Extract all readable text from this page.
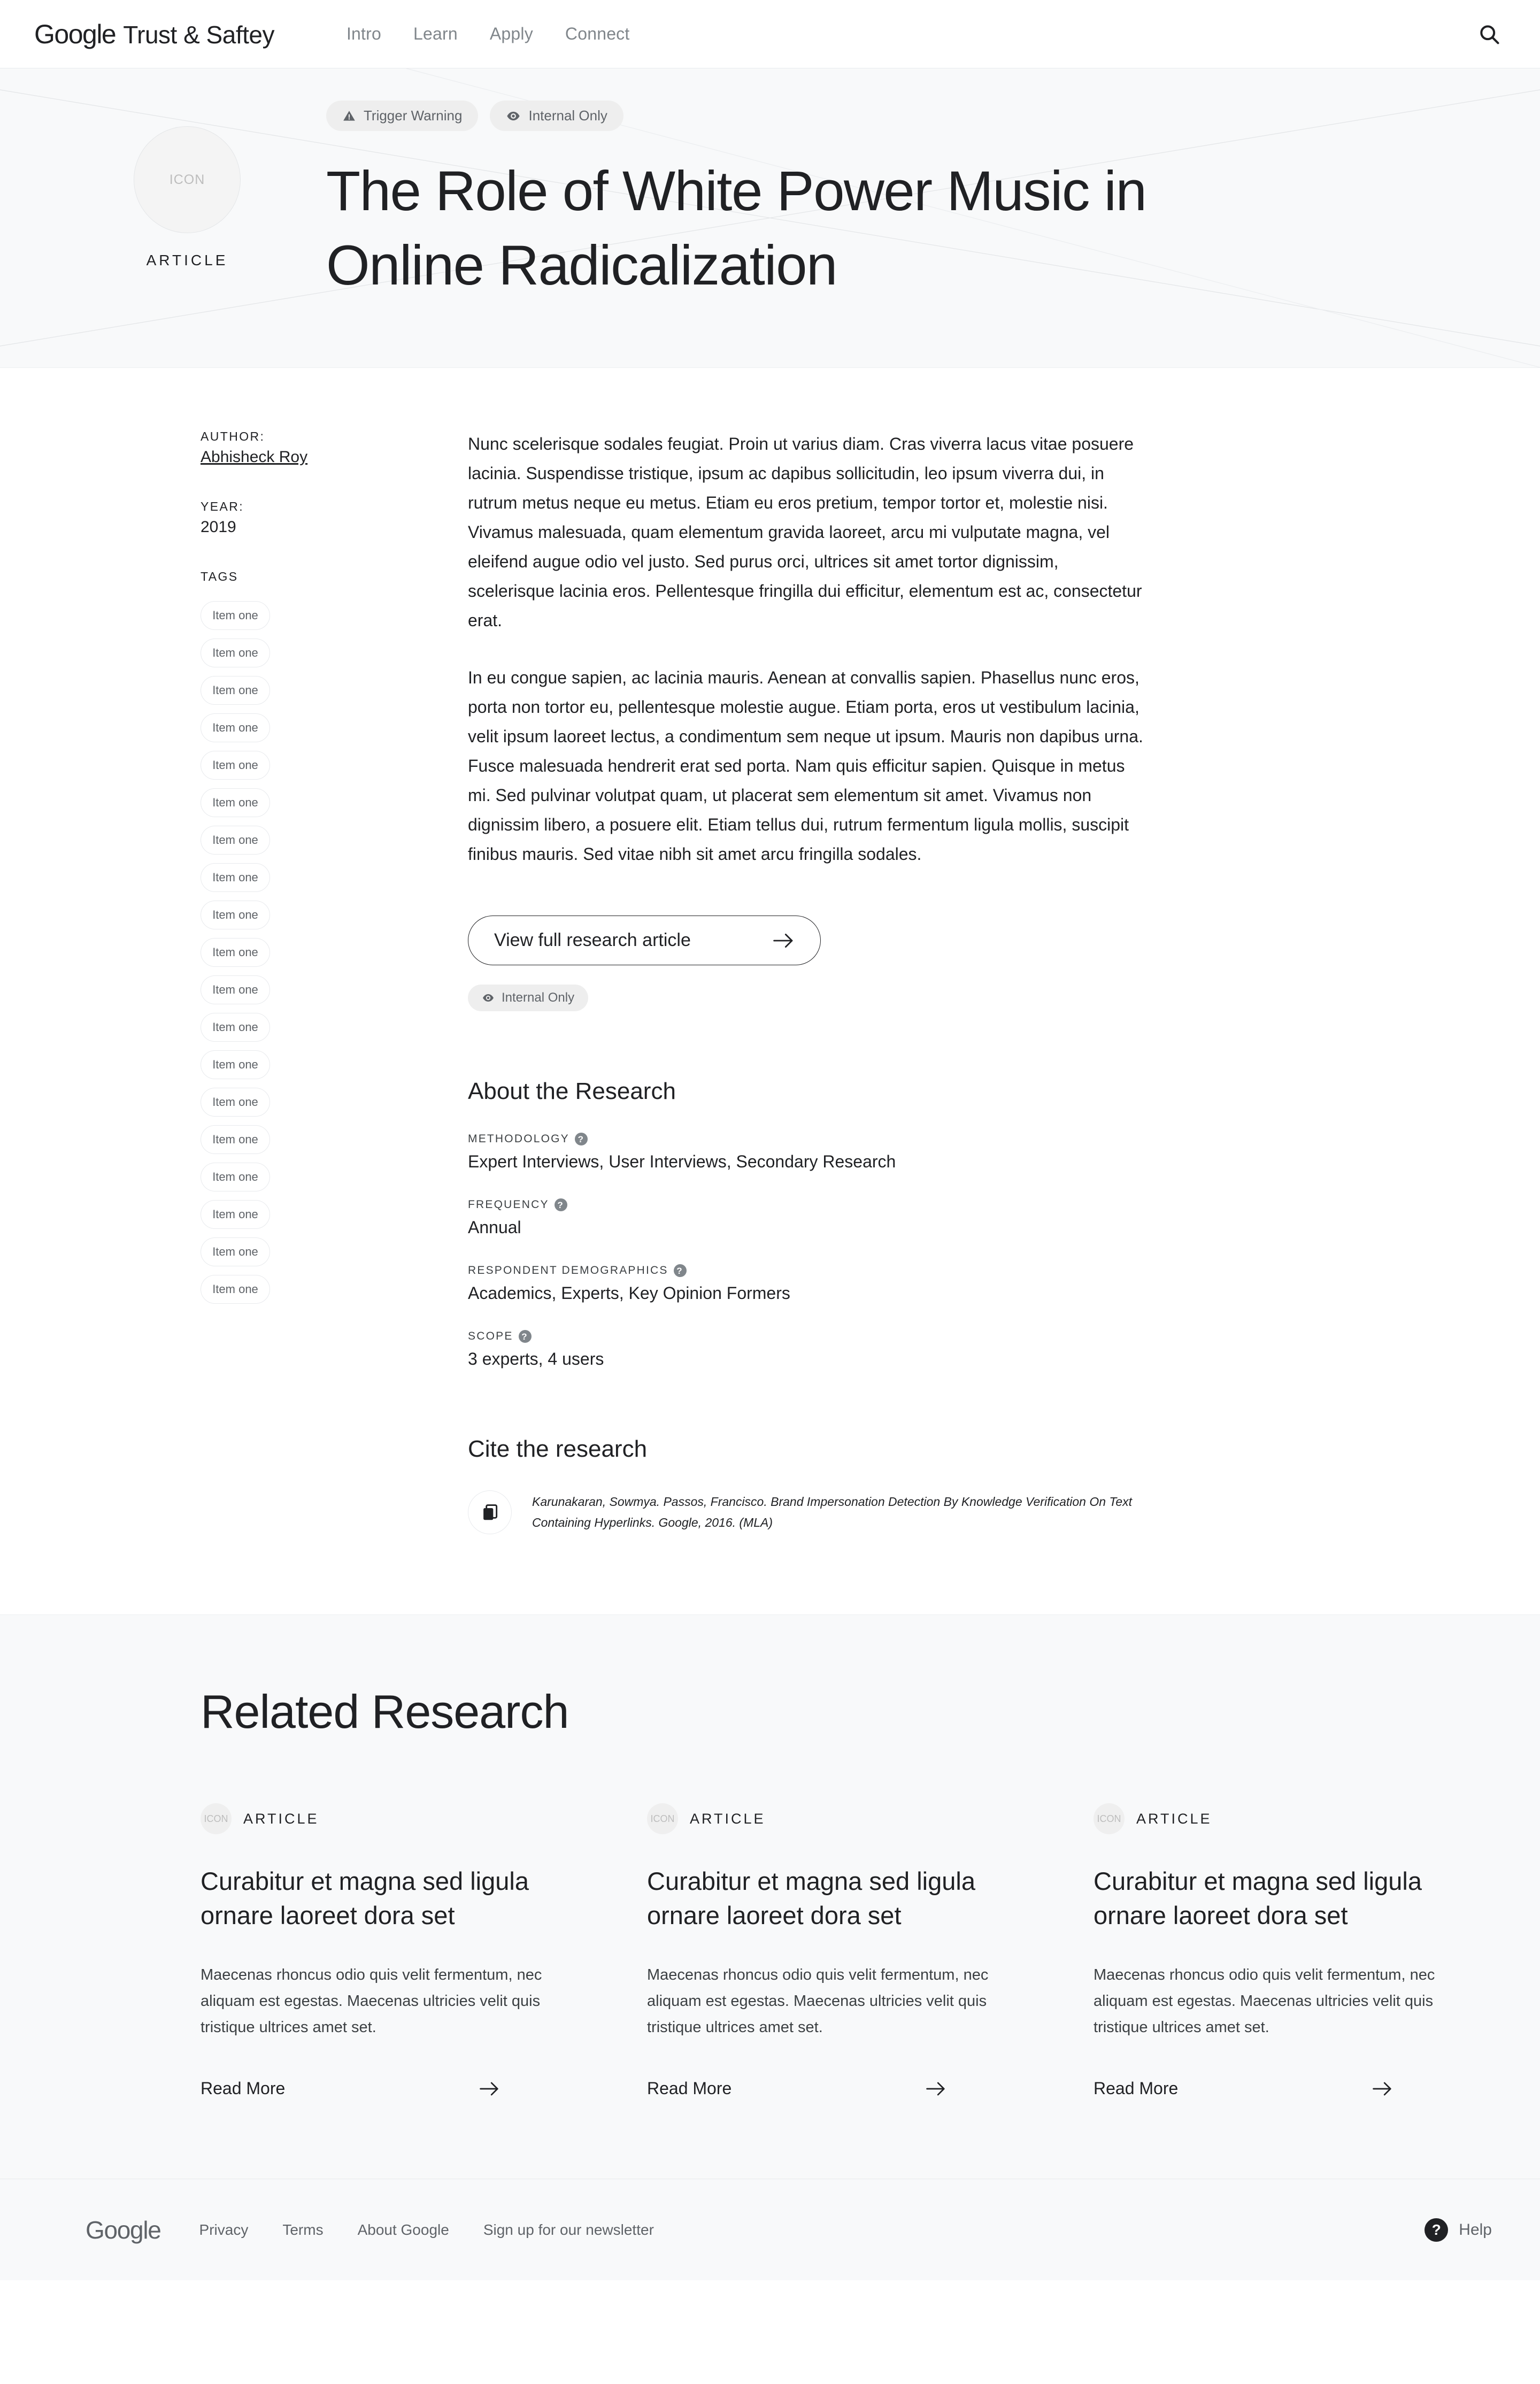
Google Trust & Saftey	Intro Learn Apply Connect
ICON
ARTICLE
Trigger Warning	Internal Only
The Role of White Power Music in Online Radicalization
AUTHOR:
Abhisheck Roy
YEAR:
2019
TAGS
Item one
Item one
Item one
Item one
Item one
Item one
Item one
Item one
Item one
Item one
Item one
Item one
Item one
Item one
Item one
Item one
Item one
Item one
Item one

Nunc scelerisque sodales feugiat. Proin ut varius diam. Cras viverra lacus vitae posuere lacinia. Suspendisse tristique, ipsum ac dapibus sollicitudin, leo ipsum viverra dui, in rutrum metus neque eu metus. Etiam eu eros pretium, tempor tortor et, molestie nisi. Vivamus malesuada, quam elementum gravida laoreet, arcu mi vulputate magna, vel eleifend augue odio vel justo. Sed purus orci, ultrices sit amet tortor dignissim, scelerisque lacinia eros. Pellentesque fringilla dui efficitur, elementum est ac, consectetur erat.

In eu congue sapien, ac lacinia mauris. Aenean at convallis sapien. Phasellus nunc eros, porta non tortor eu, pellentesque molestie augue. Etiam porta, eros ut vestibulum lacinia, velit ipsum laoreet lectus, a condimentum sem neque ut ipsum. Mauris non dapibus urna. Fusce malesuada hendrerit erat sed porta. Nam quis efficitur sapien. Quisque in metus mi. Sed pulvinar volutpat quam, ut placerat sem elementum sit amet. Vivamus non dignissim libero, a posuere elit. Etiam tellus dui, rutrum fermentum ligula mollis, suscipit finibus mauris. Sed vitae nibh sit amet arcu fringilla sodales.

View full research article
Internal Only
About the Research
METHODOLOGY ?
Expert Interviews, User Interviews, Secondary Research
FREQUENCY ?
Annual
RESPONDENT DEMOGRAPHICS ?
Academics, Experts, Key Opinion Formers
SCOPE ?
3 experts, 4 users
Cite the research
Karunakaran, Sowmya. Passos, Francisco. Brand Impersonation Detection By Knowledge Verification On Text Containing Hyperlinks. Google, 2016. (MLA)
Related Research
ICON ARTICLE
Curabitur et magna sed ligula ornare laoreet dora set
Maecenas rhoncus odio quis velit fermentum, nec aliquam est egestas. Maecenas ultricies velit quis tristique ultrices amet set.
Read More
ICON ARTICLE
Curabitur et magna sed ligula ornare laoreet dora set
Maecenas rhoncus odio quis velit fermentum, nec aliquam est egestas. Maecenas ultricies velit quis tristique ultrices amet set.
Read More
ICON ARTICLE
Curabitur et magna sed ligula ornare laoreet dora set
Maecenas rhoncus odio quis velit fermentum, nec aliquam est egestas. Maecenas ultricies velit quis tristique ultrices amet set.
Read More
Google	Privacy Terms About Google Sign up for our newsletter	?	Help
